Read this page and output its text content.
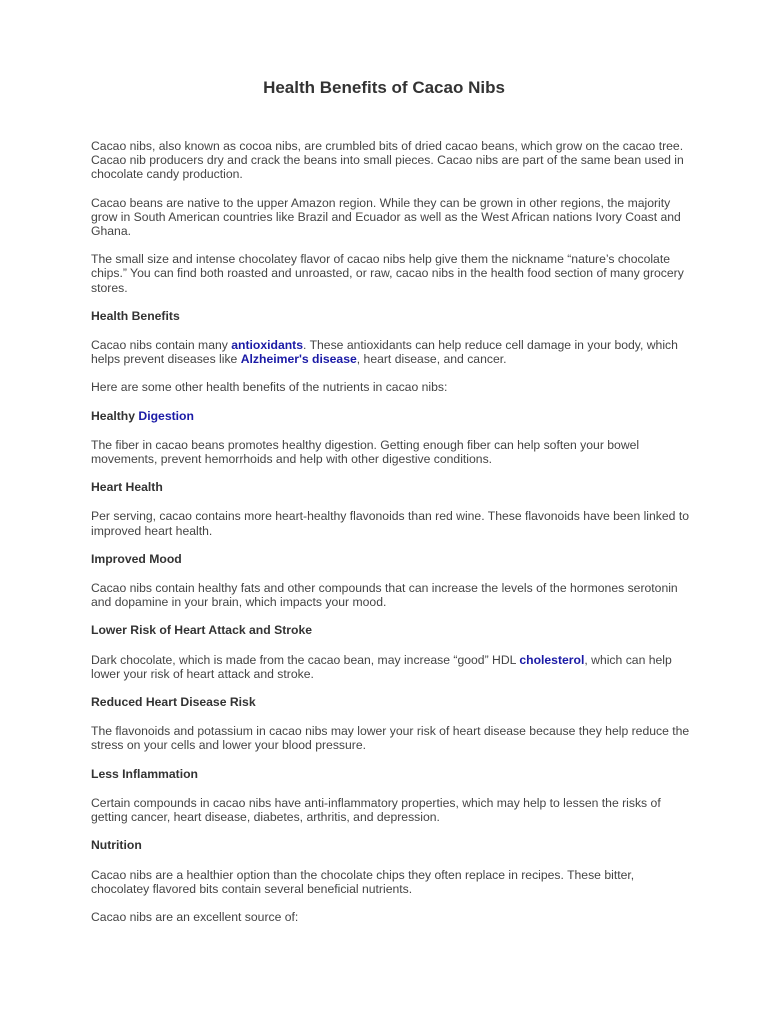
Health Benefits of Cacao Nibs

Cacao nibs, also known as cocoa nibs, are crumbled bits of dried cacao beans, which grow on the cacao tree. Cacao nib producers dry and crack the beans into small pieces. Cacao nibs are part of the same bean used in chocolate candy production.

Cacao beans are native to the upper Amazon region. While they can be grown in other regions, the majority grow in South American countries like Brazil and Ecuador as well as the West African nations Ivory Coast and Ghana.

The small size and intense chocolatey flavor of cacao nibs help give them the nickname “nature’s chocolate chips.” You can find both roasted and unroasted, or raw, cacao nibs in the health food section of many grocery stores.

Health Benefits

Cacao nibs contain many antioxidants. These antioxidants can help reduce cell damage in your body, which helps prevent diseases like Alzheimer's disease, heart disease, and cancer.

Here are some other health benefits of the nutrients in cacao nibs:

Healthy Digestion

The fiber in cacao beans promotes healthy digestion. Getting enough fiber can help soften your bowel movements, prevent hemorrhoids and help with other digestive conditions.

Heart Health

Per serving, cacao contains more heart-healthy flavonoids than red wine. These flavonoids have been linked to improved heart health.

Improved Mood

Cacao nibs contain healthy fats and other compounds that can increase the levels of the hormones serotonin and dopamine in your brain, which impacts your mood.

Lower Risk of Heart Attack and Stroke

Dark chocolate, which is made from the cacao bean, may increase “good” HDL cholesterol, which can help lower your risk of heart attack and stroke.

Reduced Heart Disease Risk

The flavonoids and potassium in cacao nibs may lower your risk of heart disease because they help reduce the stress on your cells and lower your blood pressure.

Less Inflammation

Certain compounds in cacao nibs have anti-inflammatory properties, which may help to lessen the risks of getting cancer, heart disease, diabetes, arthritis, and depression.

Nutrition

Cacao nibs are a healthier option than the chocolate chips they often replace in recipes. These bitter, chocolatey flavored bits contain several beneficial nutrients.

Cacao nibs are an excellent source of:
